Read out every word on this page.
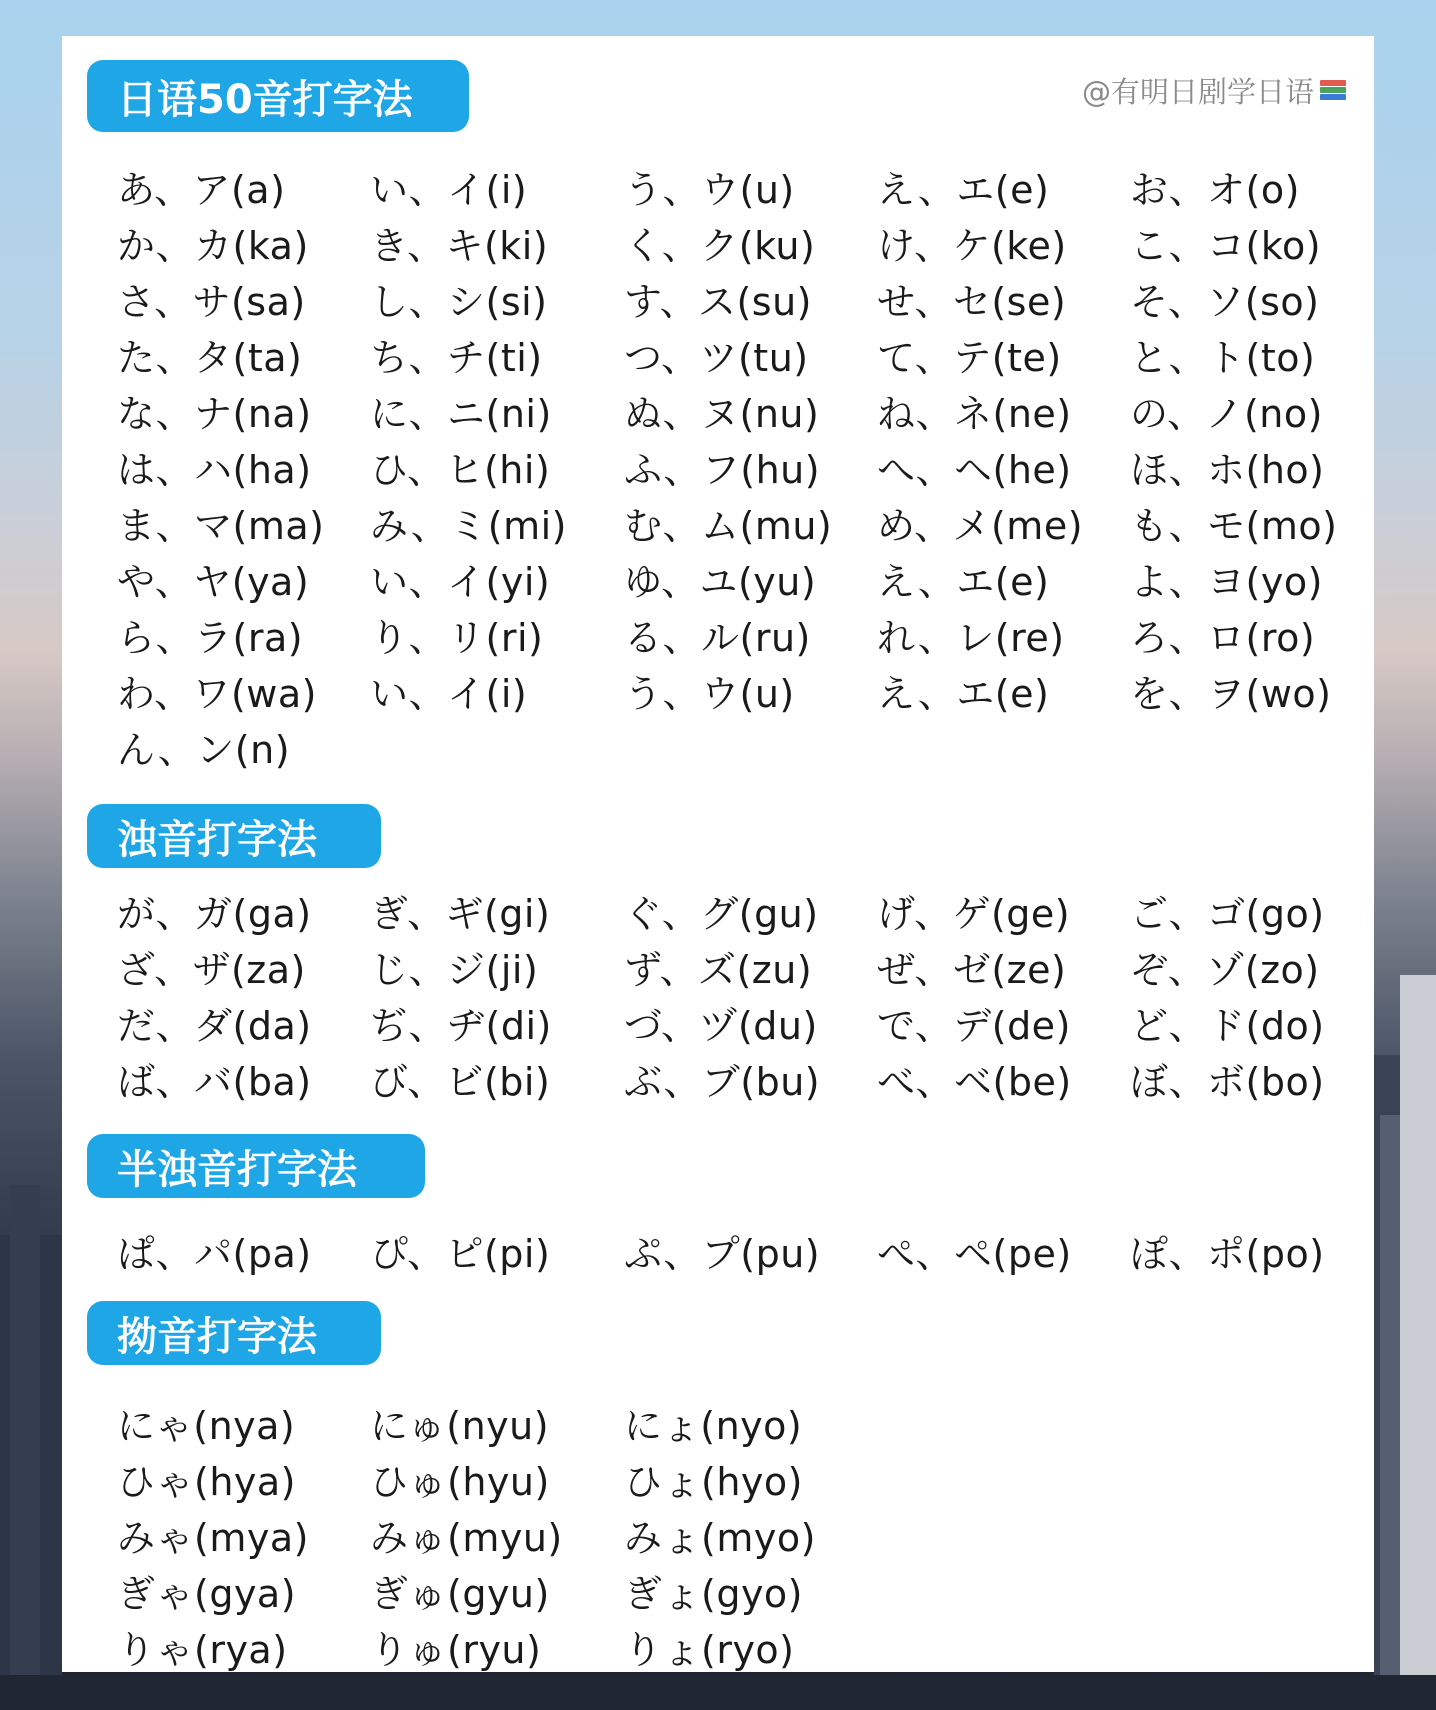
@有明日剧学日语
日语50音打字法
あ、ア(a) い、イ(i)	う、ウ(u) え、エ(e) お、オ(o)
か、カ(ka) き、キ(ki) く、ク(ku) け、ケ(ke) こ、コ(ko)
さ、サ(sa) し、シ(si) す、ス(su) せ、セ(se) そ、ソ(so)
た、タ(ta) ち、チ(ti) つ、ツ(tu) て、テ(te) と、ト(to)
な、ナ(na) に、ニ(ni) ぬ、ヌ(nu) ね、ネ(ne) の、ノ(no)
は、ハ(ha) ひ、ヒ(hi) ふ、フ(hu) へ、ヘ(he) ほ、ホ(ho)
ま、マ(ma) み、ミ(mi) む、ム(mu) め、メ(me) も、モ(mo)
や、ヤ(ya) い、イ(yi) ゆ、ユ(yu) え、エ(e) よ、ヨ(yo)
ら、ラ(ra) り、リ(ri) る、ル(ru) れ、レ(re) ろ、ロ(ro)
わ、ワ(wa) い、イ(i)	う、ウ(u) え、エ(e) を、ヲ(wo)
ん、ン(n)
浊音打字法
が、ガ(ga) ぎ、ギ(gi) ぐ、グ(gu) げ、ゲ(ge) ご、ゴ(go)
ざ、ザ(za) じ、ジ(ji) ず、ズ(zu) ぜ、ゼ(ze) ぞ、ゾ(zo)
だ、ダ(da) ぢ、ヂ(di) づ、ヅ(du) で、デ(de) ど、ド(do)
ば、バ(ba) び、ビ(bi) ぶ、ブ(bu) べ、ベ(be) ぼ、ボ(bo)
半浊音打字法
ぱ、パ(pa) ぴ、ピ(pi) ぷ、プ(pu) ぺ、ペ(pe) ぽ、ポ(po)
拗音打字法
にゃ(nya) にゅ(nyu) にょ(nyo)
ひゃ(hya) ひゅ(hyu) ひょ(hyo)
みゃ(mya) みゅ(myu) みょ(myo)
ぎゃ(gya) ぎゅ(gyu) ぎょ(gyo)
りゃ(rya) りゅ(ryu) りょ(ryo)
